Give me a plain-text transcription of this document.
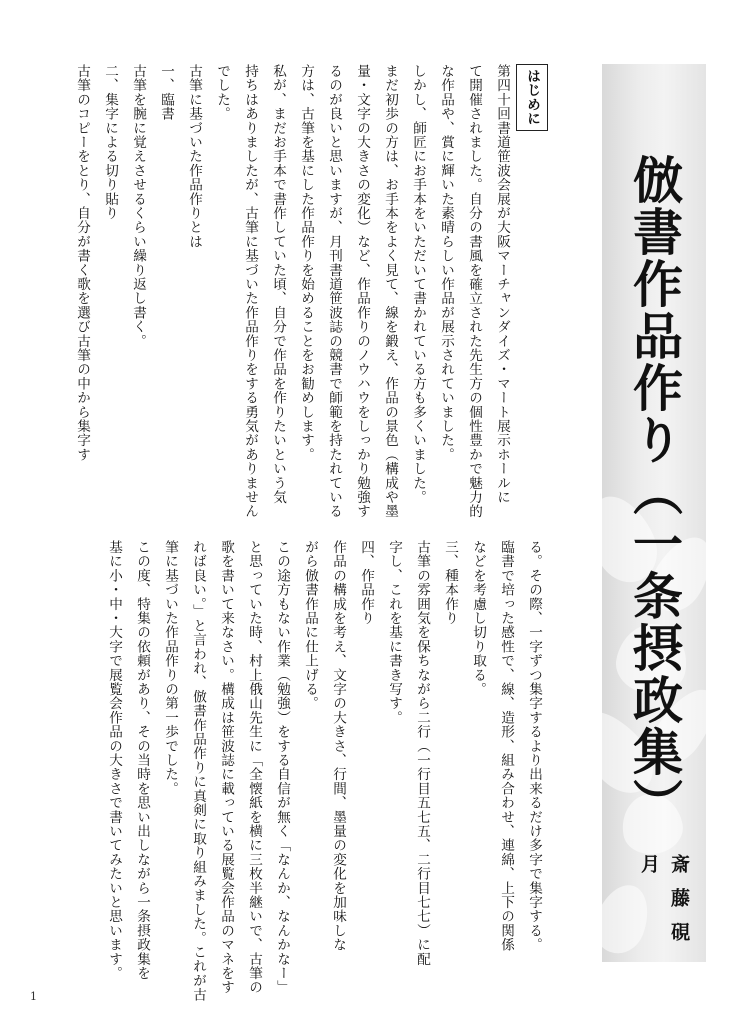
はじめに
第四十回書道笹波会展が大阪マーチャンダイズ・マート展示ホールに
て開催されました。自分の書風を確立された先生方の個性豊かで魅力的
な作品や、賞に輝いた素晴らしい作品が展示されていました。
しかし、師匠にお手本をいただいて書かれている方も多くいました。
まだ初歩の方は、お手本をよく見て、線を鍛え、作品の景色（構成や墨
量・文字の大きさの変化）など、作品作りのノウハウをしっかり勉強す
るのが良いと思いますが、月刊書道笹波誌の競書で師範を持たれている
方は、古筆を基にした作品作りを始めることをお勧めします。
私が、まだお手本で書作していた頃、自分で作品を作りたいという気
持ちはありましたが、古筆に基づいた作品作りをする勇気がありません
でした。
古筆に基づいた作品作りとは
一、臨書
古筆を腕に覚えさせるくらい繰り返し書く。
二、集字による切り貼り
古筆のコピーをとり、自分が書く歌を選び古筆の中から集字す
る。その際、一字ずつ集字するより出来るだけ多字で集字する。
臨書で培った感性で、線、造形、組み合わせ、連綿、上下の関係
などを考慮し切り取る。
三、種本作り
古筆の雰囲気を保ちながら二行（一行目五七五、二行目七七）に配
字し、これを基に書き写す。
四、作品作り
作品の構成を考え、文字の大きさ、行間、墨量の変化を加味しな
がら倣書作品に仕上げる。
この途方もない作業（勉強）をする自信が無く「なんか、なんかなー」
と思っていた時、村上俄山先生に「全懐紙を横に三枚半継いで、古筆の
歌を書いて来なさい。構成は笹波誌に載っている展覧会作品のマネをす
れば良い。」と言われ、倣書作品作りに真剣に取り組みました。これが古
筆に基づいた作品作りの第一歩でした。
この度、特集の依頼があり、その当時を思い出しながら一条摂政集を
基に小・中・大字で展覧会作品の大きさで書いてみたいと思います。	倣書作品作り（一条摂政集）
斎藤硯月
1
